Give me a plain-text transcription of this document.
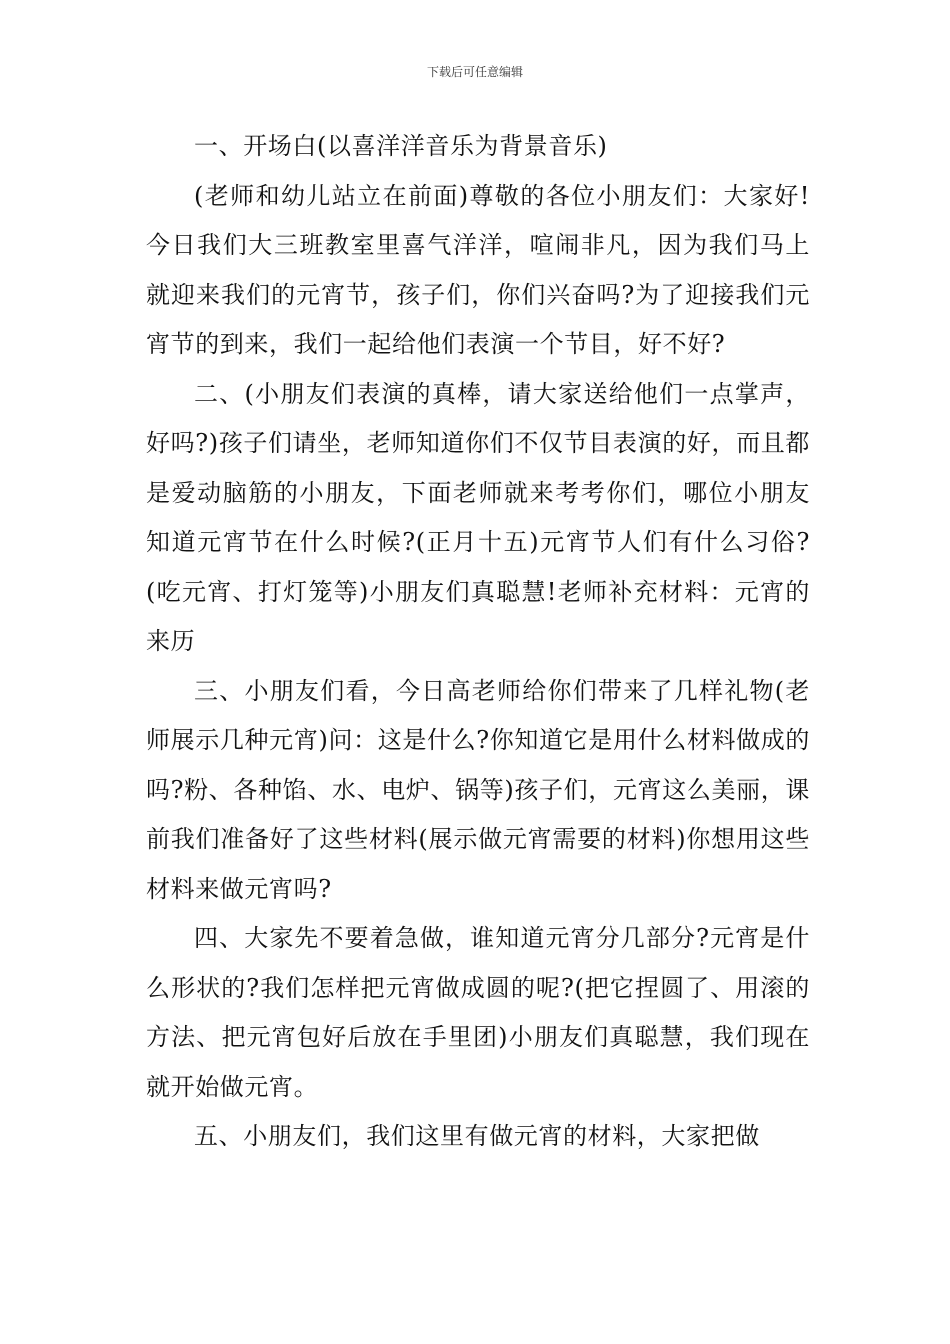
下载后可任意编辑

一、开场白(以喜洋洋音乐为背景音乐)

(老师和幼儿站立在前面)尊敬的各位小朋友们：大家好!今日我们大三班教室里喜气洋洋，喧闹非凡，因为我们马上就迎来我们的元宵节，孩子们，你们兴奋吗?为了迎接我们元宵节的到来，我们一起给他们表演一个节目，好不好?

二、(小朋友们表演的真棒，请大家送给他们一点掌声，好吗?)孩子们请坐，老师知道你们不仅节目表演的好，而且都是爱动脑筋的小朋友，下面老师就来考考你们，哪位小朋友知道元宵节在什么时候?(正月十五)元宵节人们有什么习俗?(吃元宵、打灯笼等)小朋友们真聪慧!老师补充材料：元宵的来历

三、小朋友们看，今日高老师给你们带来了几样礼物(老师展示几种元宵)问：这是什么?你知道它是用什么材料做成的吗?粉、各种馅、水、电炉、锅等)孩子们，元宵这么美丽，课前我们准备好了这些材料(展示做元宵需要的材料)你想用这些材料来做元宵吗?

四、大家先不要着急做，谁知道元宵分几部分?元宵是什么形状的?我们怎样把元宵做成圆的呢?(把它捏圆了、用滚的方法、把元宵包好后放在手里团)小朋友们真聪慧，我们现在就开始做元宵。

五、小朋友们，我们这里有做元宵的材料，大家把做
